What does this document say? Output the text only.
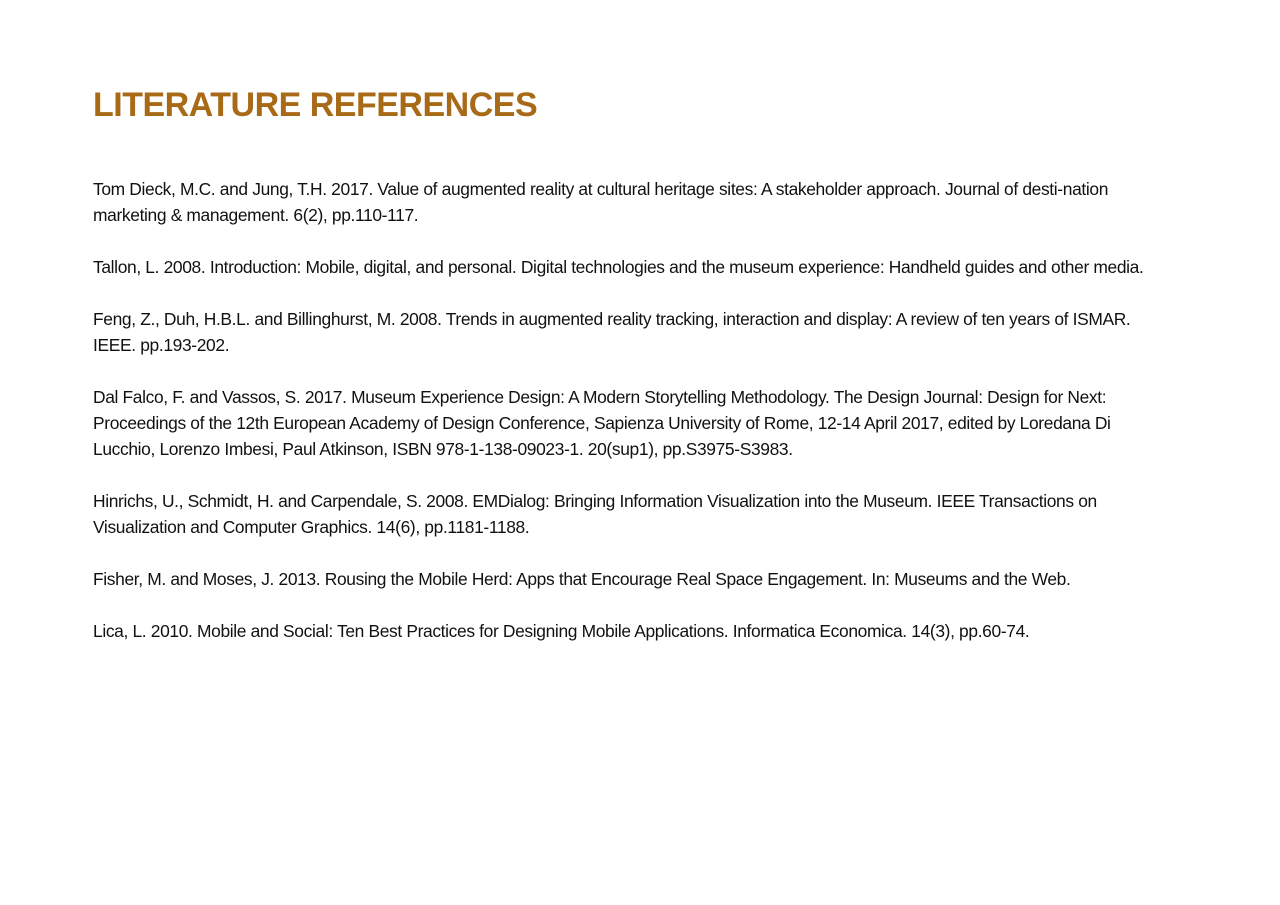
LITERATURE REFERENCES
Tom Dieck, M.C. and Jung, T.H. 2017. Value of augmented reality at cultural heritage sites: A stakeholder approach. Journal of desti-nation marketing & management. 6(2), pp.110-117.
Tallon, L. 2008. Introduction: Mobile, digital, and personal. Digital technologies and the museum experience: Handheld guides and other media.
Feng, Z., Duh, H.B.L. and Billinghurst, M. 2008. Trends in augmented reality tracking, interaction and display: A review of ten years of ISMAR. IEEE. pp.193-202.
Dal Falco, F. and Vassos, S. 2017. Museum Experience Design: A Modern Storytelling Methodology. The Design Journal: Design for Next: Proceedings of the 12th European Academy of Design Conference, Sapienza University of Rome, 12-14 April 2017, edited by Loredana Di Lucchio, Lorenzo Imbesi, Paul Atkinson, ISBN 978-1-138-09023-1. 20(sup1), pp.S3975-S3983.
Hinrichs, U., Schmidt, H. and Carpendale, S. 2008. EMDialog: Bringing Information Visualization into the Museum. IEEE Transactions on Visualization and Computer Graphics. 14(6), pp.1181-1188.
Fisher, M. and Moses, J. 2013. Rousing the Mobile Herd: Apps that Encourage Real Space Engagement. In: Museums and the Web.
Lica, L. 2010. Mobile and Social: Ten Best Practices for Designing Mobile Applications. Informatica Economica. 14(3), pp.60-74.
